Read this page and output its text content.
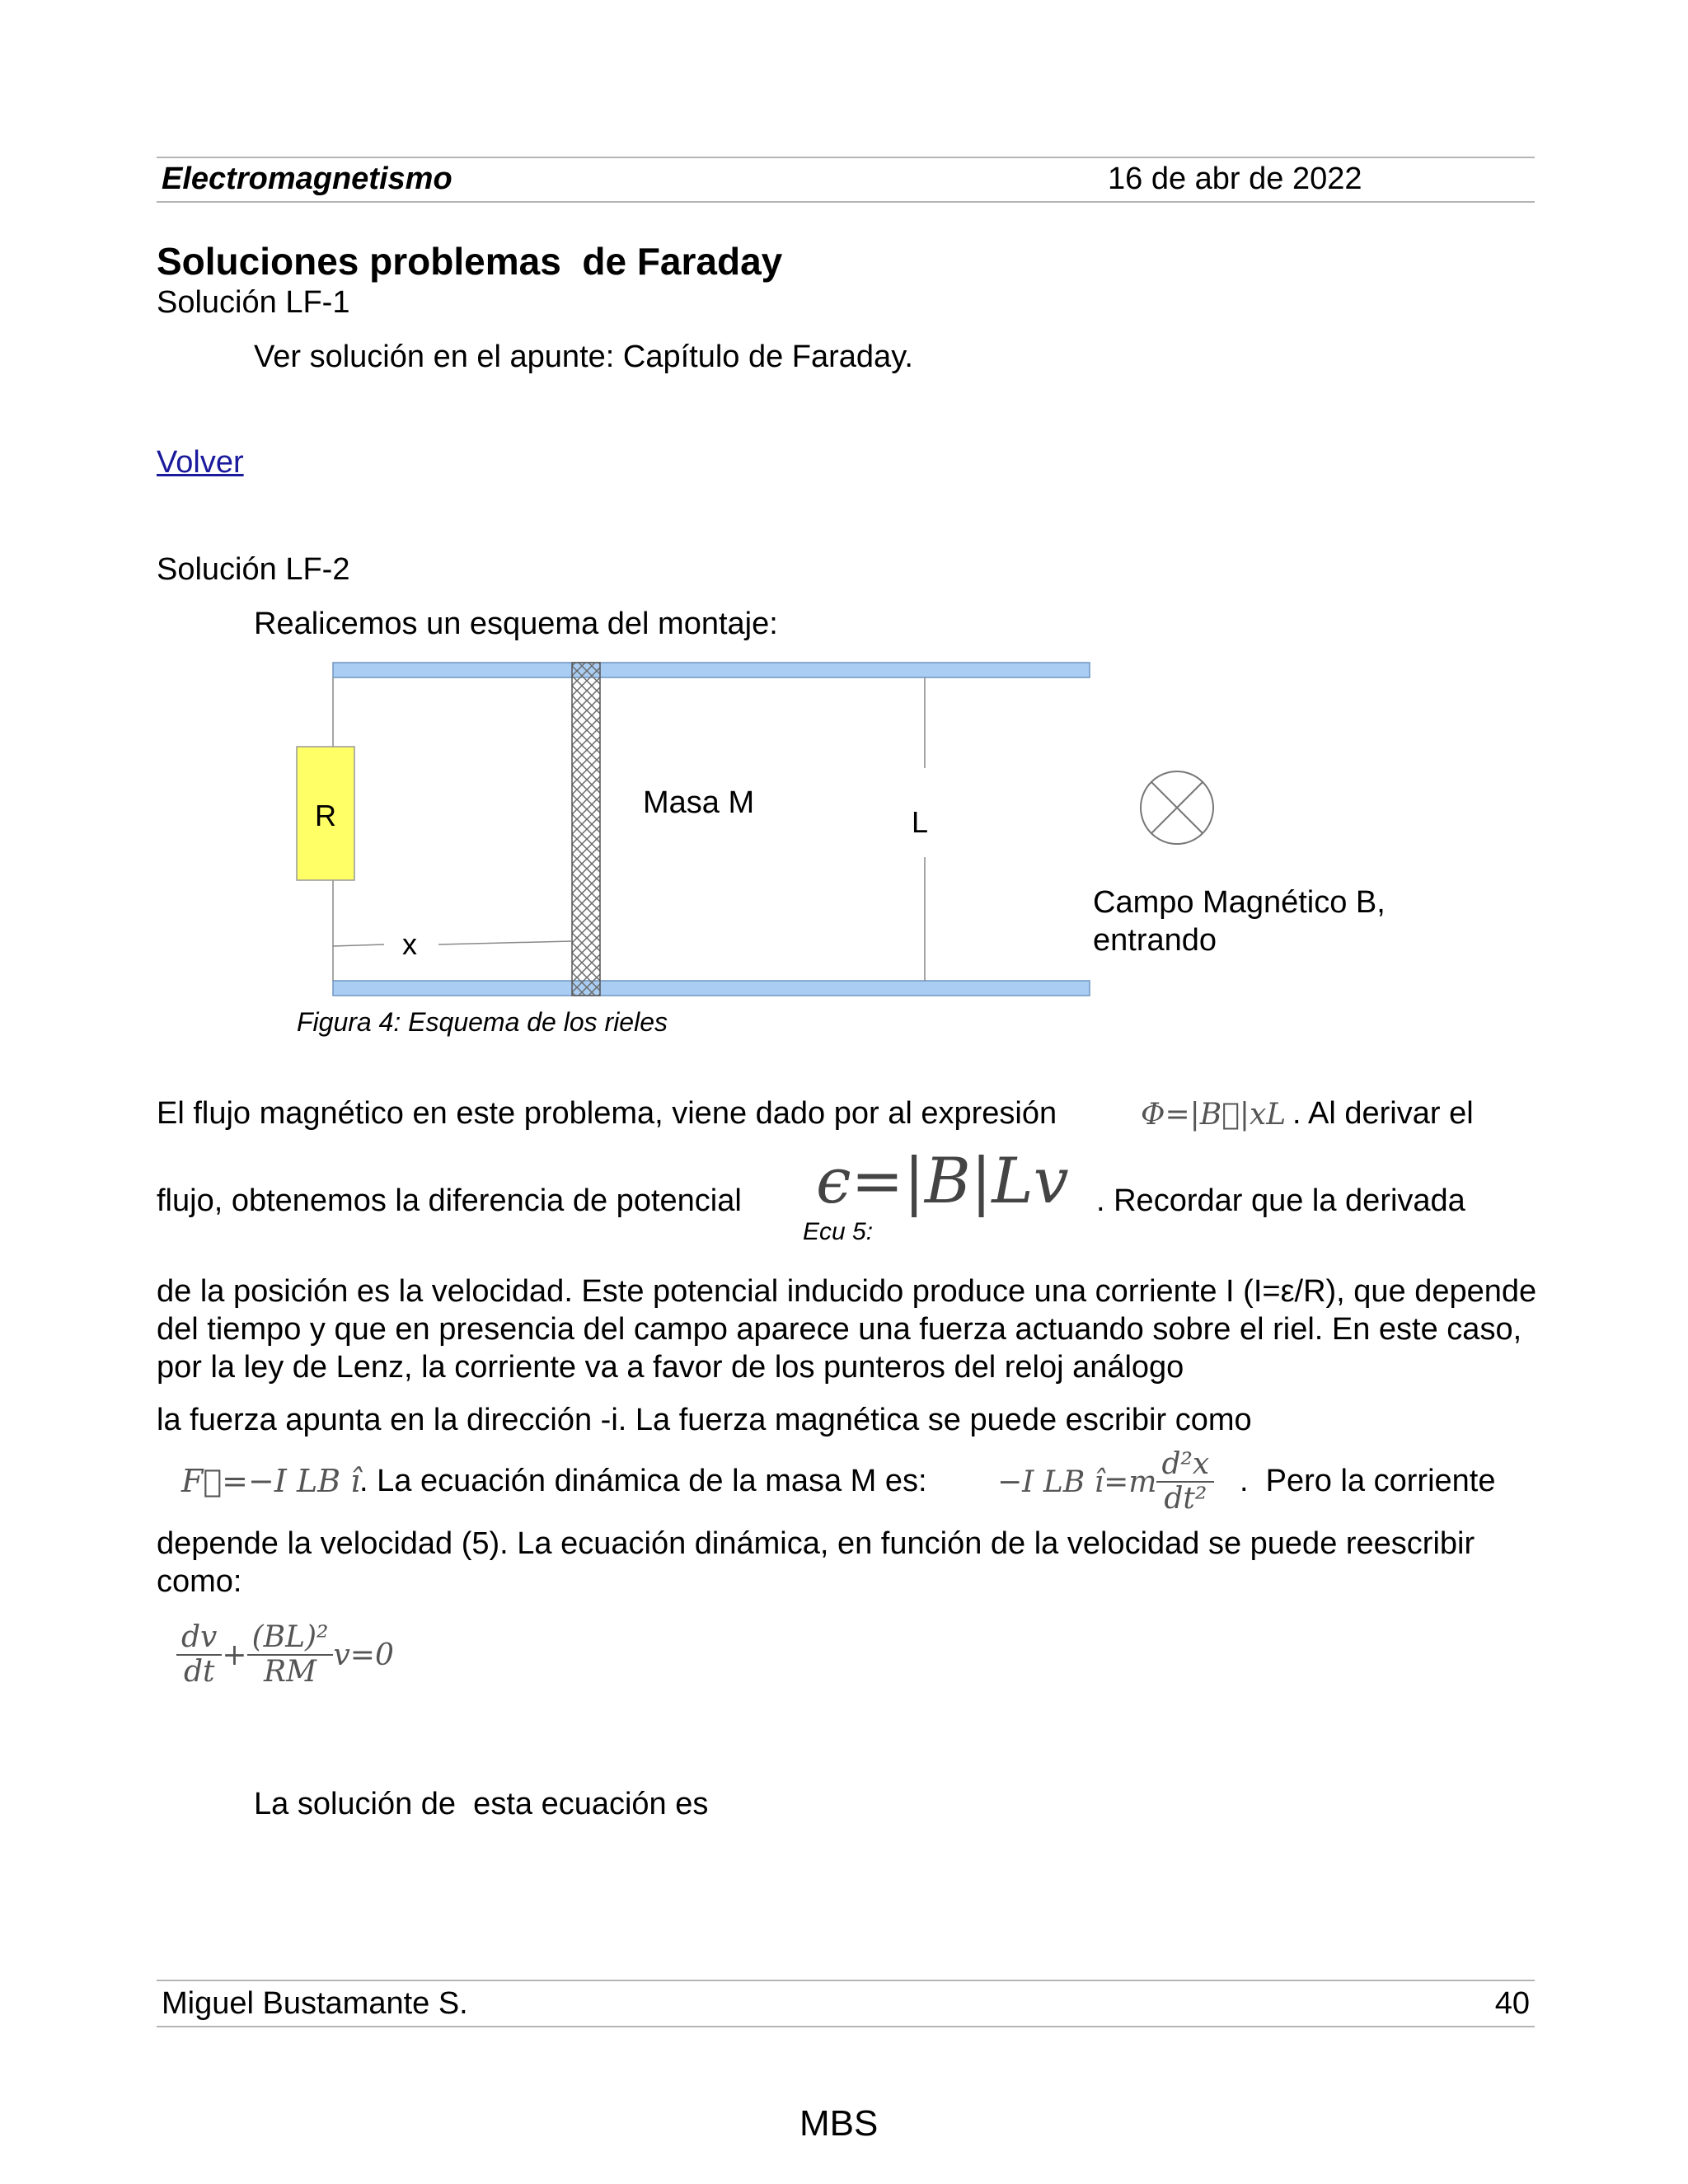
Electromagnetismo	16 de abr de 2022
Soluciones problemas  de Faraday
Solución LF-1
Ver solución en el apunte: Capítulo de Faraday.
Volver
Solución LF-2
Realicemos un esquema del montaje:
R	Masa M
L
x
Campo Magnético B,
entrando
Figura 4: Esquema de los rieles
El flujo magnético en este problema, viene dado por al expresión	Φ=|B⃗|xL . Al derivar el
flujo, obtenemos la diferencia de potencial ϵ=|B|Lv
Ecu 5:
. Recordar que la derivada
de la posición es la velocidad. Este potencial inducido produce una corriente I (I=ε/R), que depende del tiempo y que en presencia del campo aparece una fuerza actuando sobre el riel. En este caso, por la ley de Lenz, la corriente va a favor de los punteros del reloj análogo
la fuerza apunta en la dirección -i. La fuerza magnética se puede escribir como
F⃗=−I LB î
. La ecuación dinámica de la masa M es: −I LB î=m $\frac{\text{d²x}}{\text{dt²}}$ .  Pero la corriente
depende la velocidad (5). La ecuación dinámica, en función de la velocidad se puede reescribir como:
$\frac{dv}{dt} + \frac{\text{(BL)²}}{RM} v=0$
La solución de  esta ecuación es
Miguel Bustamante S.	40
MBS
